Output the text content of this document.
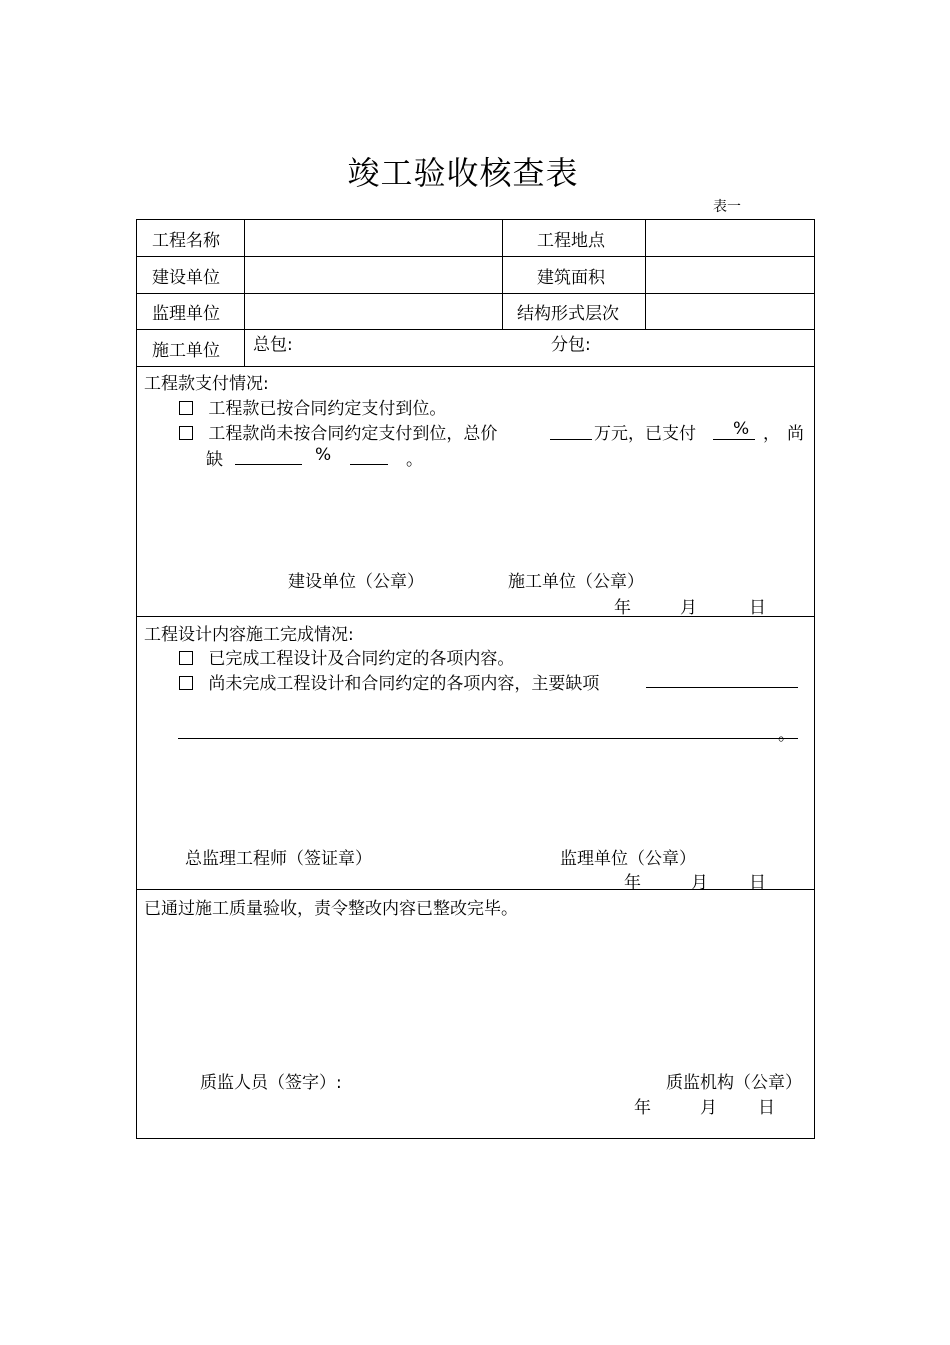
竣工验收核查表
表一
工程名称	工程地点
建设单位	建筑面积
监理单位	结构形式层次
施工单位 总包:	分包:
工程款支付情况:
工程款已按合同约定支付到位。
工程款尚未按合同约定支付到位，总价	万元，已支付 % ， 尚
缺	%	。
建设单位（公章）	施工单位（公章）
年	月	日
工程设计内容施工完成情况:
已完成工程设计及合同约定的各项内容。
尚未完成工程设计和合同约定的各项内容，主要缺项
。
总监理工程师（签证章）	监理单位（公章）
年	月 日
已通过施工质量验收，责令整改内容已整改完毕。
质监人员（签字）:	质监机构（公章）
年	月 日
